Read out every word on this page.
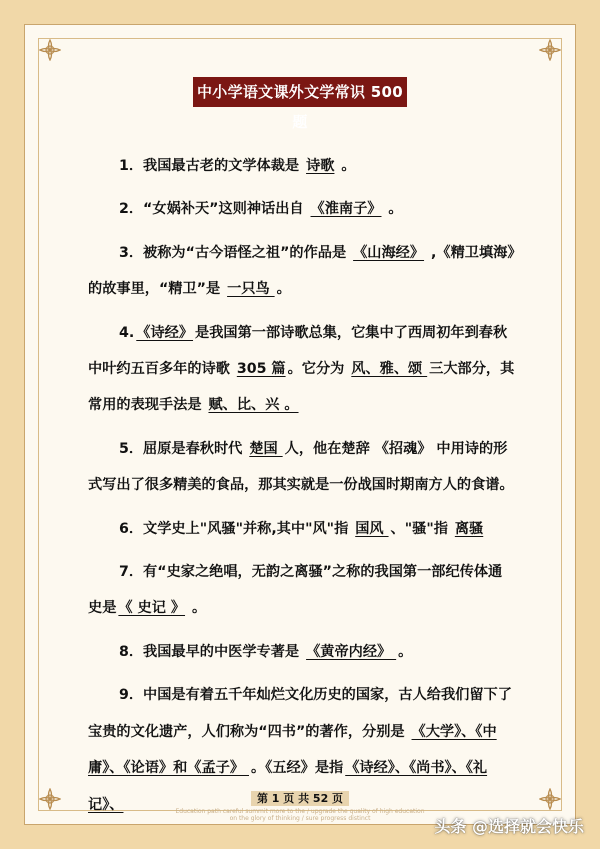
中小学语文课外文学常识 500 题

1．我国最古老的文学体裁是 诗歌 。

2．“女娲补天”这则神话出自 《淮南子》 。

3．被称为“古今语怪之祖”的作品是 《山海经》 ,《精卫填海》的故事里，“精卫”是 一只鸟 。

4. 《诗经》 是我国第一部诗歌总集，它集中了西周初年到春秋中叶约五百多年的诗歌 305 篇 。它分为 风、雅、颂 三大部分，其常用的表现手法是 赋、比、兴 。

5．屈原是春秋时代 楚国 人，他在楚辞 《招魂》 中用诗的形式写出了很多精美的食品，那其实就是一份战国时期南方人的食谱。

6．文学史上"风骚"并称,其中"风"指 国风 、"骚"指 离骚

7．有“史家之绝唱，无韵之离骚”之称的我国第一部纪传体通史是 《 史记 》 。

8．我国最早的中医学专著是 《黄帝内经》 。

9．中国是有着五千年灿烂文化历史的国家，古人给我们留下了宝贵的文化遗产，人们称为“四书”的著作，分别是 《大学》、《中庸》、《论语》和《孟子》 。《五经》是指 《诗经》、《尚书》、《礼记》、	第 1 页 共 52 页
Education path careful summit more to the / upgrade the quality of high education
on the glory of thinking / sure progress distinct	头条 @选择就会快乐
